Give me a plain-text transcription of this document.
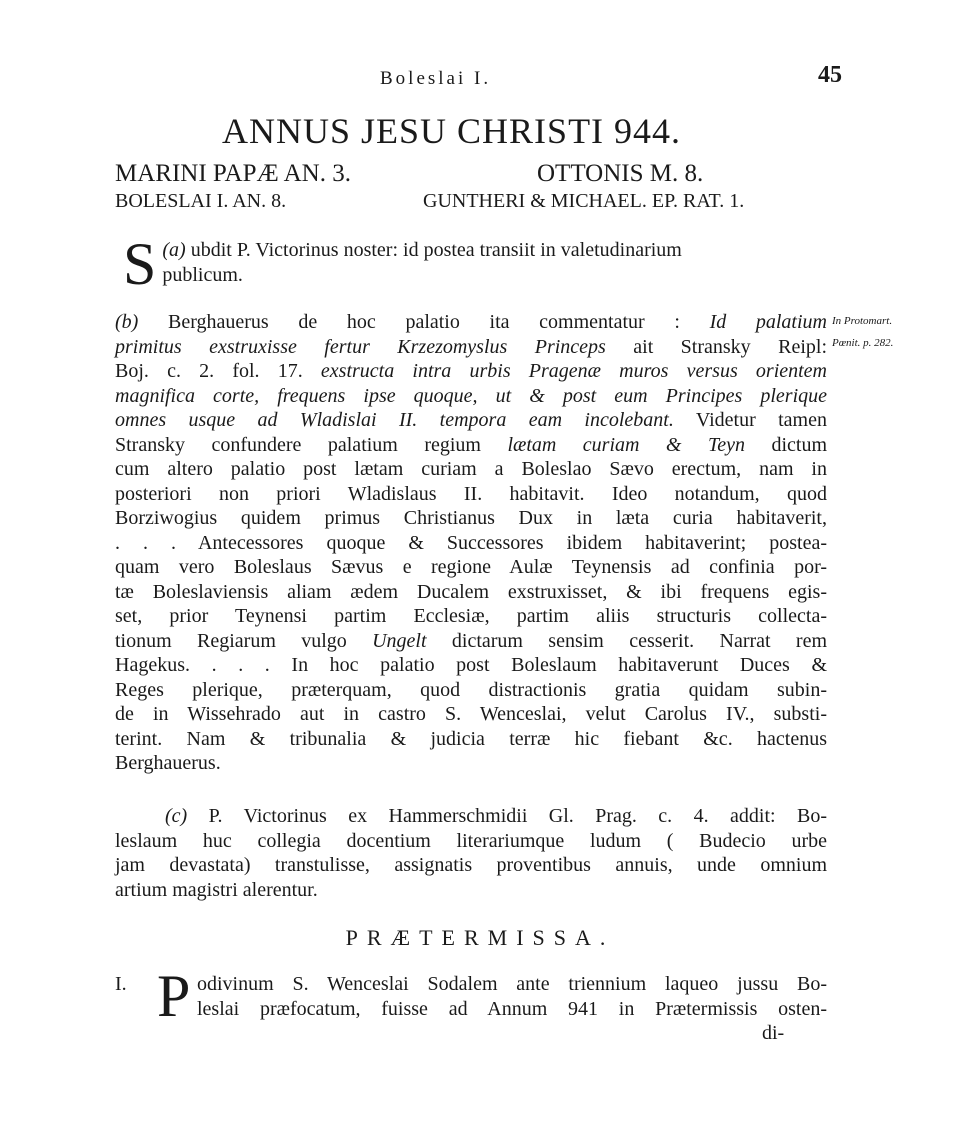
Boleslai I.	45
ANNUS JESU CHRISTI 944.
MARINI PAPÆ AN. 3.	OTTONIS M. 8.
BOLESLAI I. AN. 8.	GUNTHERI & MICHAEL. EP. RAT. 1.
(a)
S ubdit P. Victorinus noster: id postea transiit in valetudinarium
publicum.
In Protomart.
Pœnit. p. 282.
(b) Berghauerus de hoc palatio ita commentatur : Id palatium
primitus exstruxisse fertur Krzezomyslus Princeps ait Stransky Reipl:
Boj. c. 2. fol. 17. exstructa intra urbis Pragenæ muros versus orientem
magnifica corte, frequens ipse quoque, ut & post eum Principes plerique
omnes usque ad Wladislai II. tempora eam incolebant. Videtur tamen
Stransky confundere palatium regium lætam curiam & Teyn dictum
cum altero palatio post lætam curiam a Boleslao Sævo erectum, nam in
posteriori non priori Wladislaus II. habitavit. Ideo notandum, quod
Borziwogius quidem primus Christianus Dux in læta curia habitaverit,
. . . Antecessores quoque & Successores ibidem habitaverint; postea-
quam vero Boleslaus Sævus e regione Aulæ Teynensis ad confinia por-
tæ Boleslaviensis aliam ædem Ducalem exstruxisset, & ibi frequens egis-
set, prior Teynensi partim Ecclesiæ, partim aliis structuris collecta-
tionum Regiarum vulgo Ungelt dictarum sensim cesserit. Narrat rem
Hagekus. . . . In hoc palatio post Boleslaum habitaverunt Duces &
Reges plerique, præterquam, quod distractionis gratia quidam subin-
de in Wissehrado aut in castro S. Wenceslai, velut Carolus IV., substi-
terint. Nam & tribunalia & judicia terræ hic fiebant &c. hactenus
Berghauerus.
(c) P. Victorinus ex Hammerschmidii Gl. Prag. c. 4. addit: Bo-
leslaum huc collegia docentium literariumque ludum ( Budecio urbe
jam devastata) transtulisse, assignatis proventibus annuis, unde omnium
artium magistri alerentur.
PRÆTERMISSA.
I. P odivinum S. Wenceslai Sodalem ante triennium laqueo jussu Bo-
leslai præfocatum, fuisse ad Annum 941 in Prætermissis osten-
di-
